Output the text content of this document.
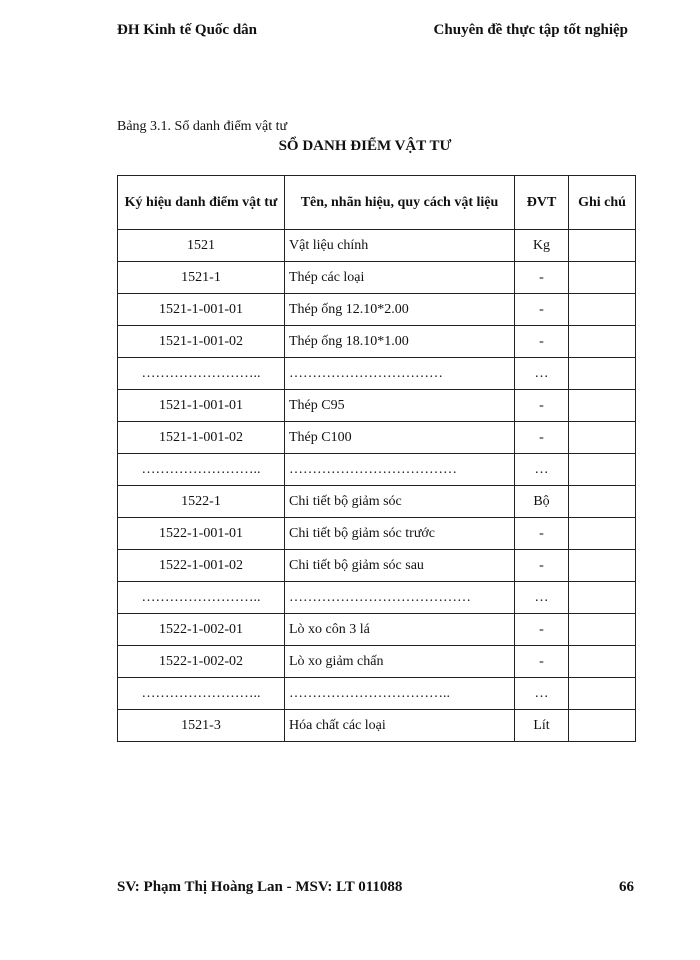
ĐH Kinh tế Quốc dân	Chuyên đề thực tập tốt nghiệp
Bảng 3.1. Sổ danh điểm vật tư
SỔ DANH ĐIỂM VẬT TƯ
Ký hiệu danh điểm vật tư	Tên, nhãn hiệu, quy cách vật liệu	ĐVT	Ghi chú
1521	Vật liệu chính	Kg	
1521-1	Thép các loại	-	
1521-1-001-01	Thép ống 12.10*2.00	-	
1521-1-001-02	Thép ống 18.10*1.00	-	
……………………..	……………………………	…	
1521-1-001-01	Thép C95	-	
1521-1-001-02	Thép C100	-	
……………………..	………………………………	…	
1522-1	Chi tiết bộ giảm sóc	Bộ	
1522-1-001-01	Chi tiết bộ giảm sóc trước	-	
1522-1-001-02	Chi tiết bộ giảm sóc sau	-	
……………………..	…………………………………	…	
1522-1-002-01	Lò xo côn 3 lá	-	
1522-1-002-02	Lò xo giảm chấn	-	
……………………..	……………………………..	…	
1521-3	Hóa chất các loại	Lít	
SV: Phạm Thị Hoàng Lan - MSV: LT 011088	66
